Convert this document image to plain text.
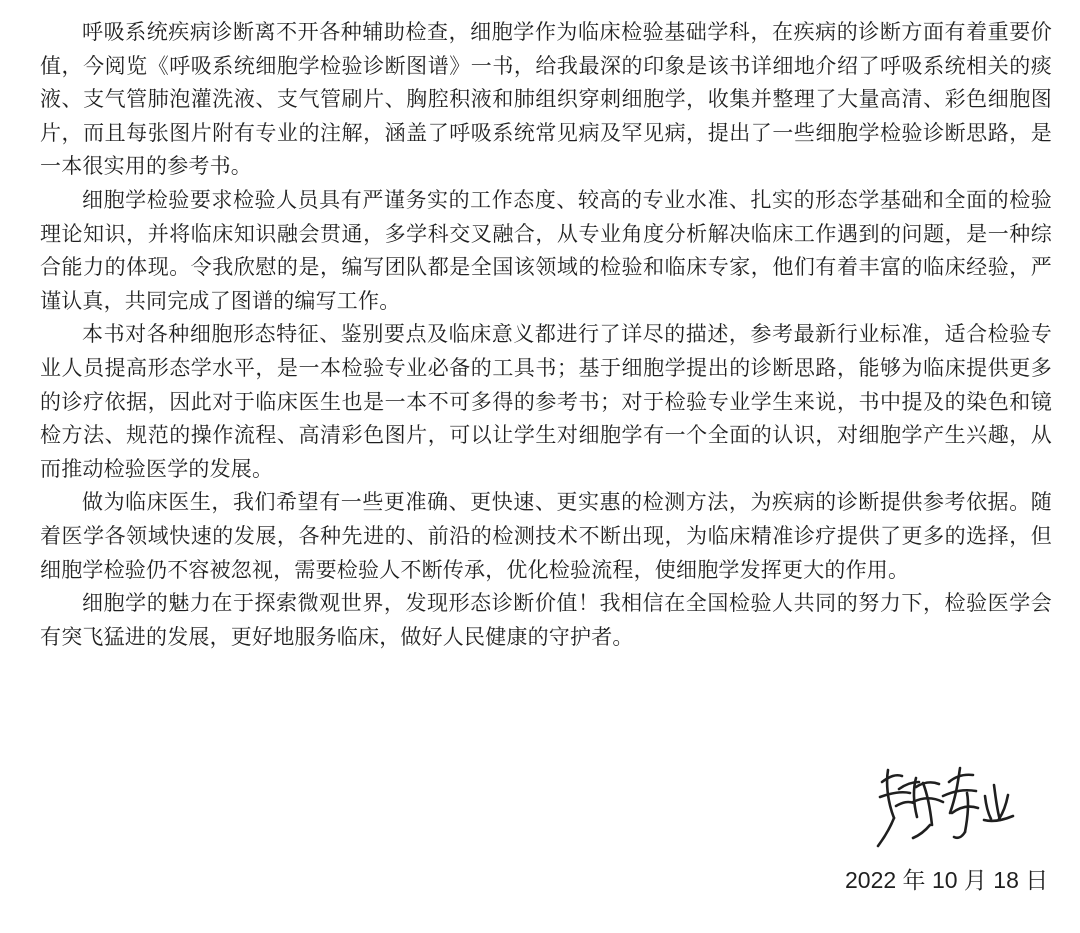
呼吸系统疾病诊断离不开各种辅助检查，细胞学作为临床检验基础学科，在疾病的诊断方面有着重要价值，今阅览《呼吸系统细胞学检验诊断图谱》一书，给我最深的印象是该书详细地介绍了呼吸系统相关的痰液、支气管肺泡灌洗液、支气管刷片、胸腔积液和肺组织穿刺细胞学，收集并整理了大量高清、彩色细胞图片，而且每张图片附有专业的注解，涵盖了呼吸系统常见病及罕见病，提出了一些细胞学检验诊断思路，是一本很实用的参考书。

细胞学检验要求检验人员具有严谨务实的工作态度、较高的专业水准、扎实的形态学基础和全面的检验理论知识，并将临床知识融会贯通，多学科交叉融合，从专业角度分析解决临床工作遇到的问题，是一种综合能力的体现。令我欣慰的是，编写团队都是全国该领域的检验和临床专家，他们有着丰富的临床经验，严谨认真，共同完成了图谱的编写工作。

本书对各种细胞形态特征、鉴别要点及临床意义都进行了详尽的描述，参考最新行业标准，适合检验专业人员提高形态学水平，是一本检验专业必备的工具书；基于细胞学提出的诊断思路，能够为临床提供更多的诊疗依据，因此对于临床医生也是一本不可多得的参考书；对于检验专业学生来说，书中提及的染色和镜检方法、规范的操作流程、高清彩色图片，可以让学生对细胞学有一个全面的认识，对细胞学产生兴趣，从而推动检验医学的发展。

做为临床医生，我们希望有一些更准确、更快速、更实惠的检测方法，为疾病的诊断提供参考依据。随着医学各领域快速的发展，各种先进的、前沿的检测技术不断出现，为临床精准诊疗提供了更多的选择，但细胞学检验仍不容被忽视，需要检验人不断传承，优化检验流程，使细胞学发挥更大的作用。

细胞学的魅力在于探索微观世界，发现形态诊断价值！我相信在全国检验人共同的努力下，检验医学会有突飞猛进的发展，更好地服务临床，做好人民健康的守护者。

2022 年 10 月 18 日
